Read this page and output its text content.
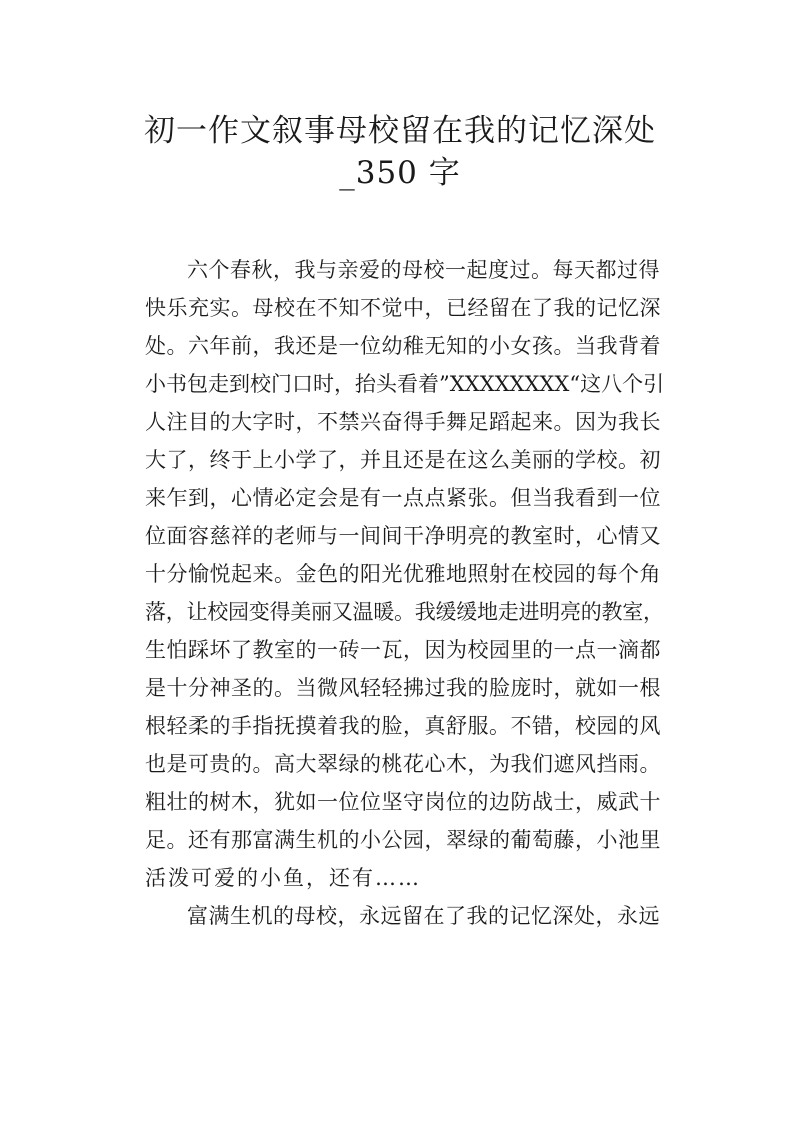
初一作文叙事母校留在我的记忆深处
_350 字
六个春秋，我与亲爱的母校一起度过。每天都过得
快乐充实。母校在不知不觉中，已经留在了我的记忆深
处。六年前，我还是一位幼稚无知的小女孩。当我背着
小书包走到校门口时，抬头看着”XXXXXXXX“这八个引
人注目的大字时，不禁兴奋得手舞足蹈起来。因为我长
大了，终于上小学了，并且还是在这么美丽的学校。初
来乍到，心情必定会是有一点点紧张。但当我看到一位
位面容慈祥的老师与一间间干净明亮的教室时，心情又
十分愉悦起来。金色的阳光优雅地照射在校园的每个角
落，让校园变得美丽又温暖。我缓缓地走进明亮的教室，
生怕踩坏了教室的一砖一瓦，因为校园里的一点一滴都
是十分神圣的。当微风轻轻拂过我的脸庞时，就如一根
根轻柔的手指抚摸着我的脸，真舒服。不错，校园的风
也是可贵的。高大翠绿的桃花心木，为我们遮风挡雨。
粗壮的树木，犹如一位位坚守岗位的边防战士，威武十
足。还有那富满生机的小公园，翠绿的葡萄藤，小池里
活泼可爱的小鱼，还有……
富满生机的母校，永远留在了我的记忆深处，永远
